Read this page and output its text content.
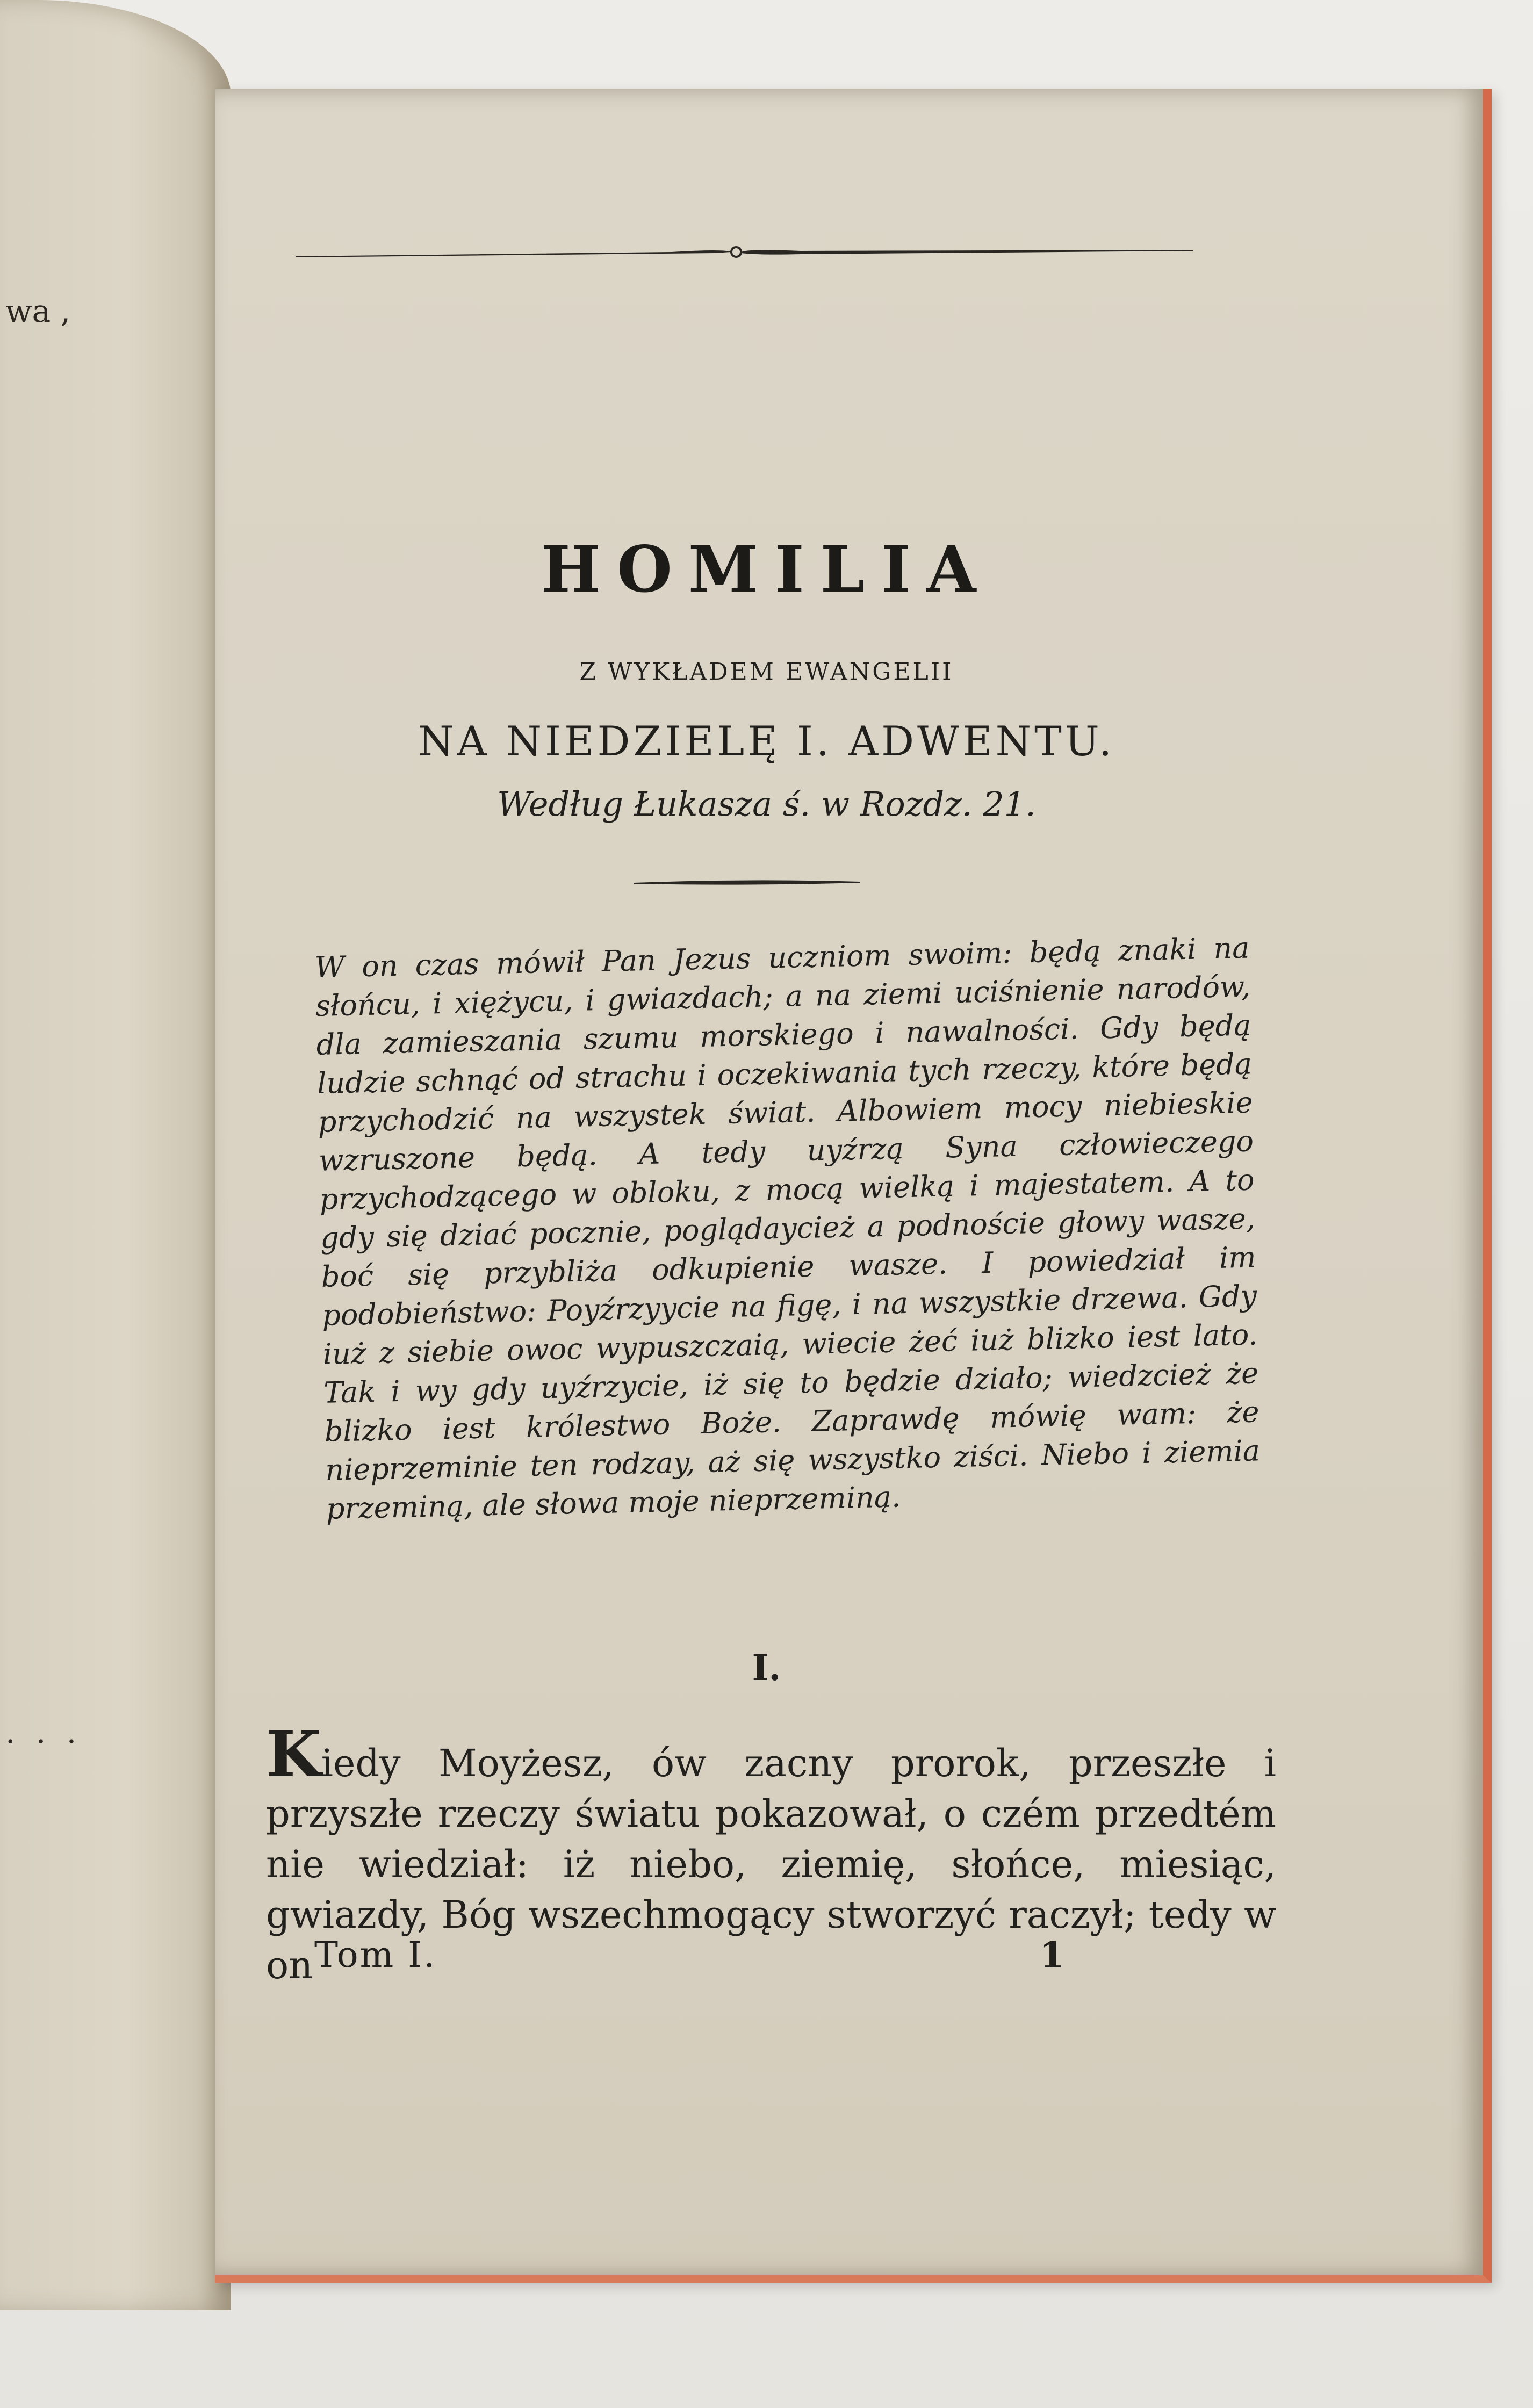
wa ,
. . .
HOMILIA
Z WYKŁADEM EWANGELII
NA NIEDZIELĘ I. ADWENTU.
Według Łukasza ś. w Rozdz. 21.
W on czas mówił Pan Jezus uczniom swoim: będą znaki na słońcu, i xiężycu, i gwiazdach; a na ziemi uciśnienie narodów, dla zamieszania szumu morskiego i nawalności. Gdy będą ludzie schnąć od strachu i oczekiwania tych rzeczy, które będą przychodzić na wszystek świat. Albowiem mocy niebieskie wzruszone będą. A tedy uyźrzą Syna człowieczego przychodzącego w obloku, z mocą wielką i majestatem. A to gdy się dziać pocznie, poglądaycież a podnoście głowy wasze, boć się przybliża odkupienie wasze. I powiedział im podobieństwo: Poyźrzyycie na figę, i na wszystkie drzewa. Gdy iuż z siebie owoc wypuszczaią, wiecie żeć iuż blizko iest lato. Tak i wy gdy uyźrzycie, iż się to będzie działo; wiedzcież że blizko iest królestwo Boże. Zaprawdę mówię wam: że nieprzeminie ten rodzay, aż się wszystko ziści. Niebo i ziemia przeminą, ale słowa moje nieprzeminą.
I.
Kiedy Moyżesz, ów zacny prorok, przeszłe i przyszłe rzeczy światu pokazował, o czém przedtém nie wiedział: iż niebo, ziemię, słońce, miesiąc, gwiazdy, Bóg wszechmogący stworzyć raczył; tedy w on Tom I.	1
